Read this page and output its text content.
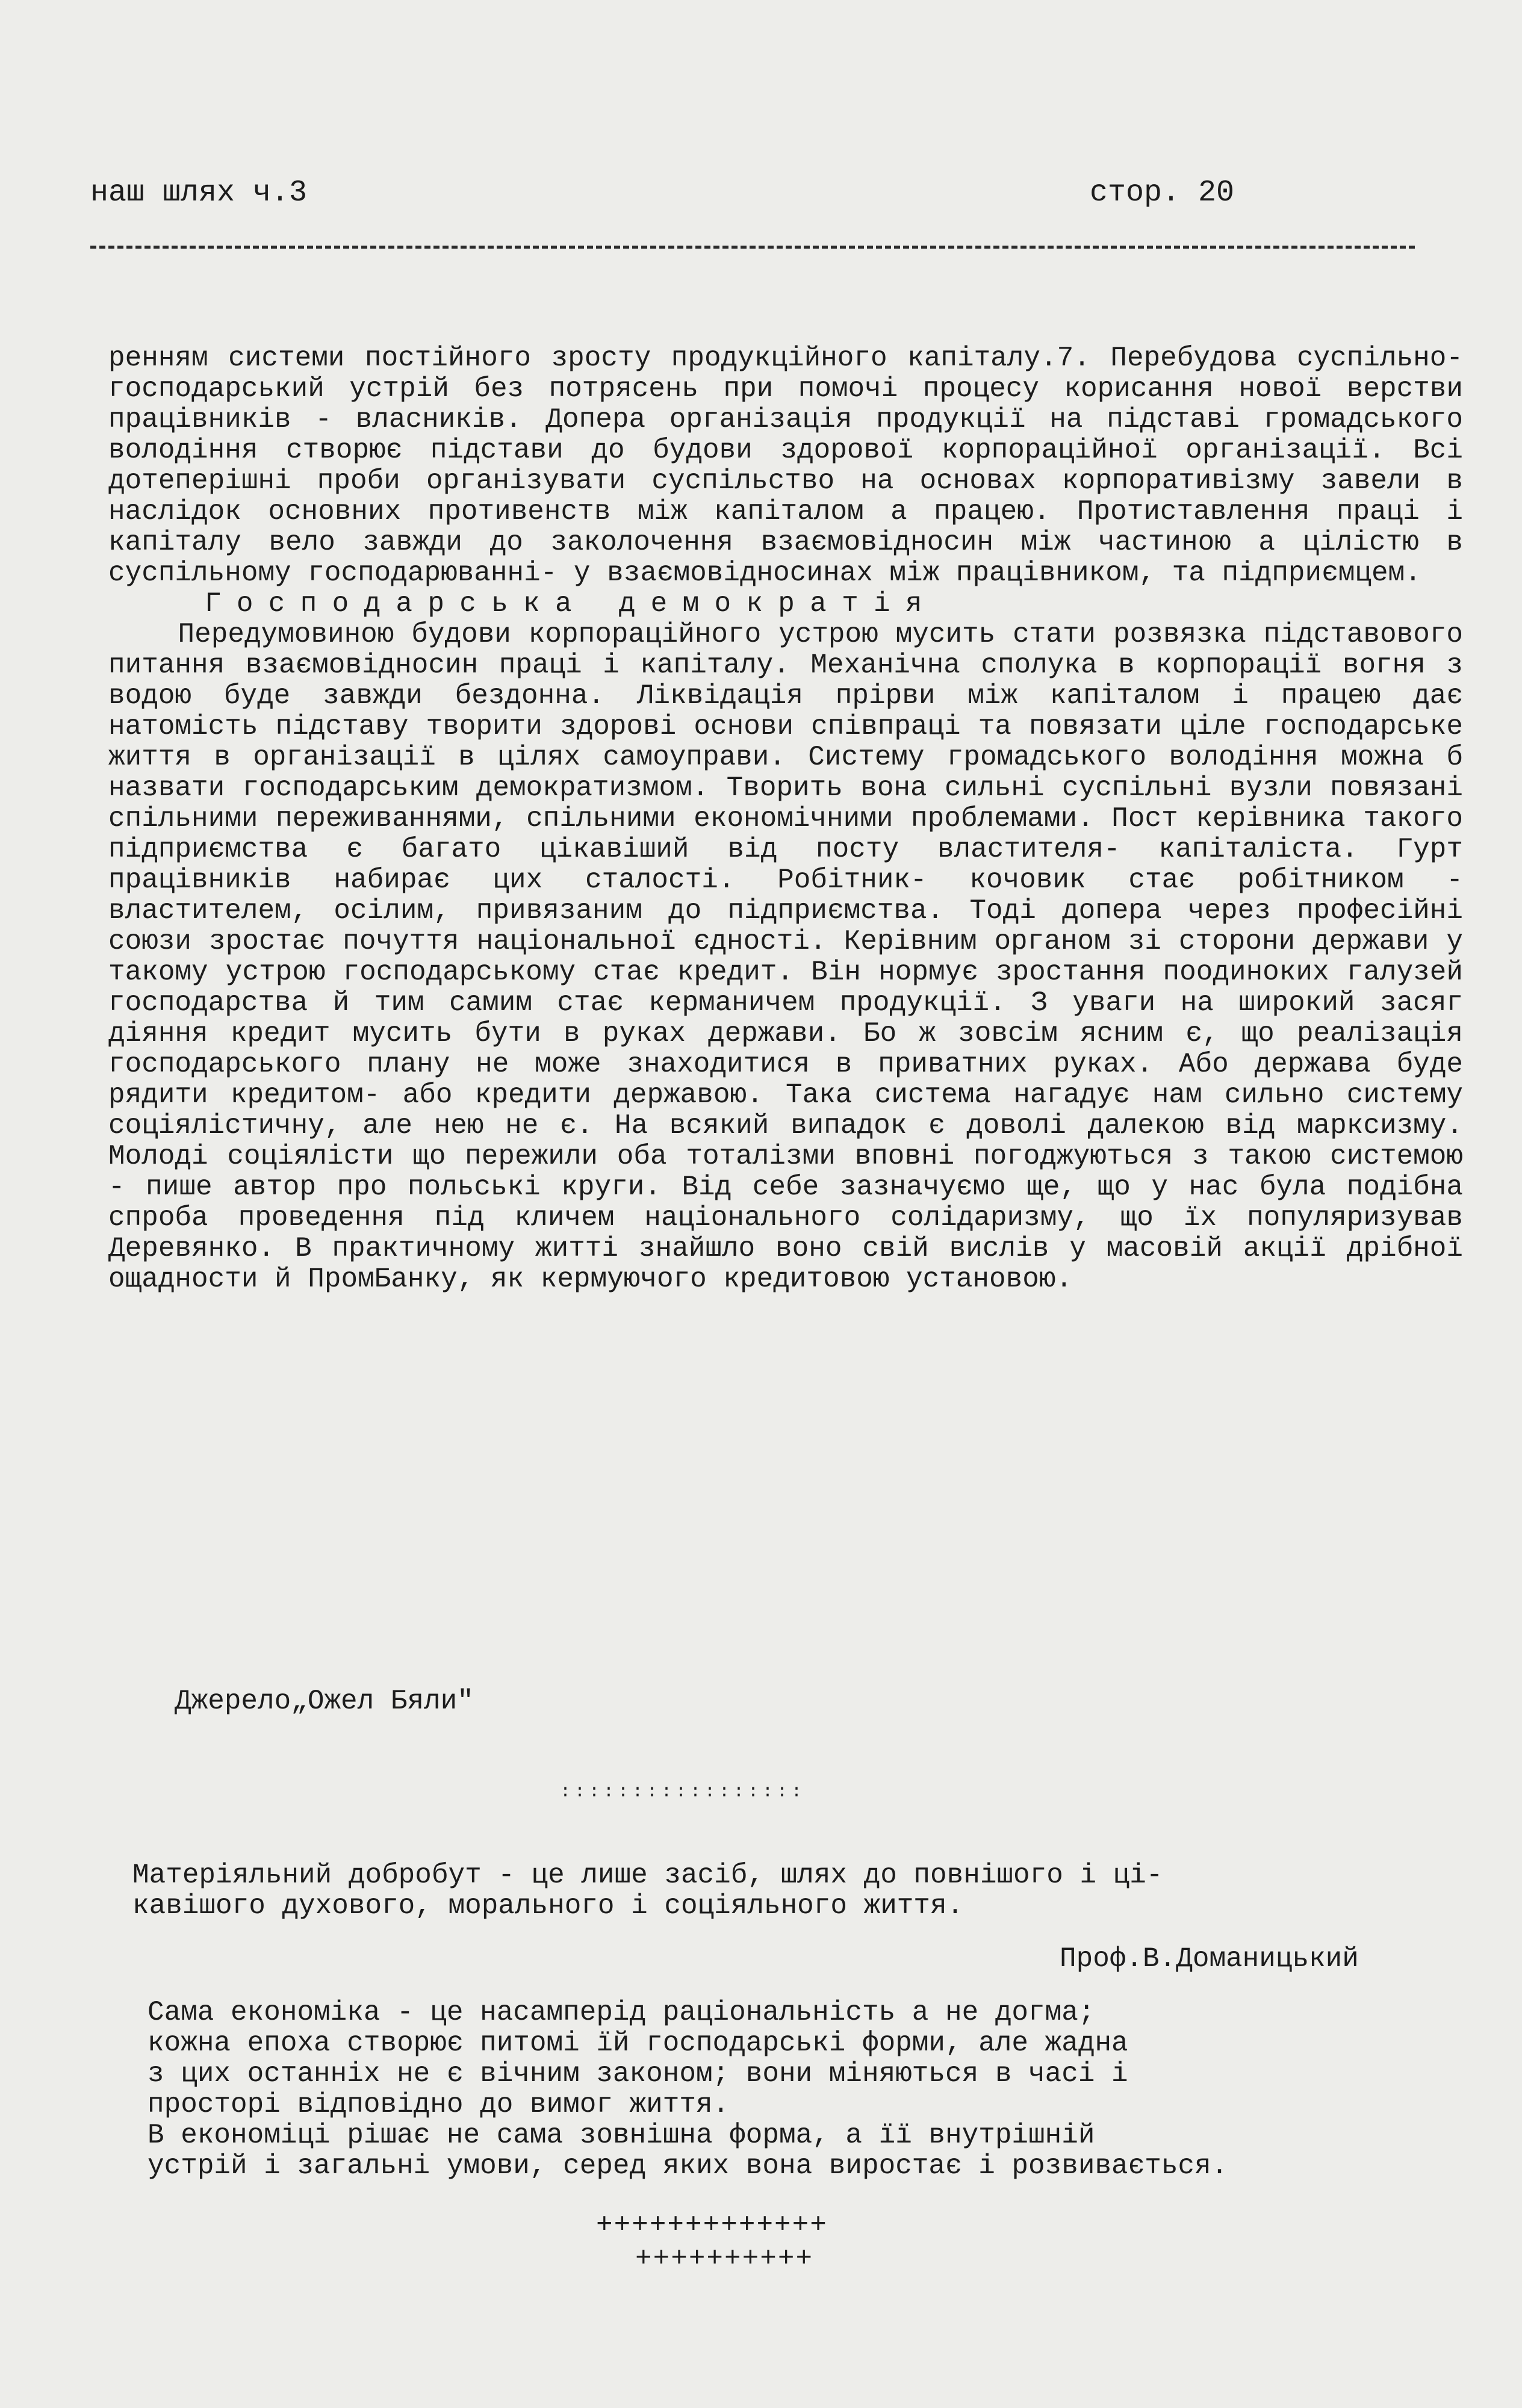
наш шлях ч.3	стор. 20

ренням системи постійного зросту продукційного капіталу.7. Перебудова суспільно- господарський устрій без потрясень при помочі процесу корисання нової верстви працівників - власників. Допера організація продукції на підставі громадського володіння створює підстави до будови здорової корпораційної організації. Всі дотеперішні проби організувати суспільство на основах корпоративізму завели в наслідок основних противенств між капіталом а працею. Протиставлення праці і капіталу вело завжди до заколочення взаємовідносин між частиною а цілістю в суспільному господарюванні- у взаємовідносинах між працівником, та підприємцем.

Господарська демократія

Передумовиною будови корпораційного устрою мусить стати розвязка підставового питання взаємовідносин праці і капіталу. Механічна сполука в корпорації вогня з водою буде завжди бездонна. Ліквідація прірви між капіталом і працею дає натомість підставу творити здорові основи співпраці та повязати ціле господарське життя в організації в цілях самоуправи. Систему громадського володіння можна б назвати господарським демократизмом. Творить вона сильні суспільні вузли повязані спільними переживаннями, спільними економічними проблемами. Пост керівника такого підприємства є багато цікавіший від посту властителя- капіталіста. Гурт працівників набирає цих сталості. Робітник- кочовик стає робітником - властителем, осілим, привязаним до підприємства. Тоді допера через професійні союзи зростає почуття національної єдності. Керівним органом зі сторони держави у такому устрою господарському стає кредит. Він нормує зростання поодиноких галузей господарства й тим самим стає керманичем продукції. З уваги на широкий засяг діяння кредит мусить бути в руках держави. Бо ж зовсім ясним є, що реалізація господарського плану не може знаходитися в приватних руках. Або держава буде рядити кредитом- або кредити державою. Така система нагадує нам сильно систему соціялістичну, але нею не є. На всякий випадок є доволі далекою від марксизму. Молоді соціялісти що пережили оба тоталізми вповні погоджуються з такою системою - пише автор про польські круги. Від себе зазначуємо ще, що у нас була подібна спроба проведення під кличем національного солідаризму, що їх популяризував Деревянко. В практичному житті знайшло воно свій вислів у масовій акції дрібної ощадности й ПромБанку, як кермуючого кредитовою установою.

Джерело„Ожел Бяли"
:::::::::::::::::
Матеріяльний добробут - це лише засіб, шлях до повнішого і ці-
кавішого духового, морального і соціяльного життя.
Проф.В.Доманицький
Сама економіка - це насамперід раціональність а не догма;
кожна епоха створює питомі їй господарські форми, але жадна
з цих останніх не є вічним законом; вони міняються в часі і
просторі відповідно до вимог життя.
В економіці рішає не сама зовнішна форма, а її внутрішній
устрій і загальні умови, серед яких вона виростає і розвивається.
+++++++++++++
++++++++++
